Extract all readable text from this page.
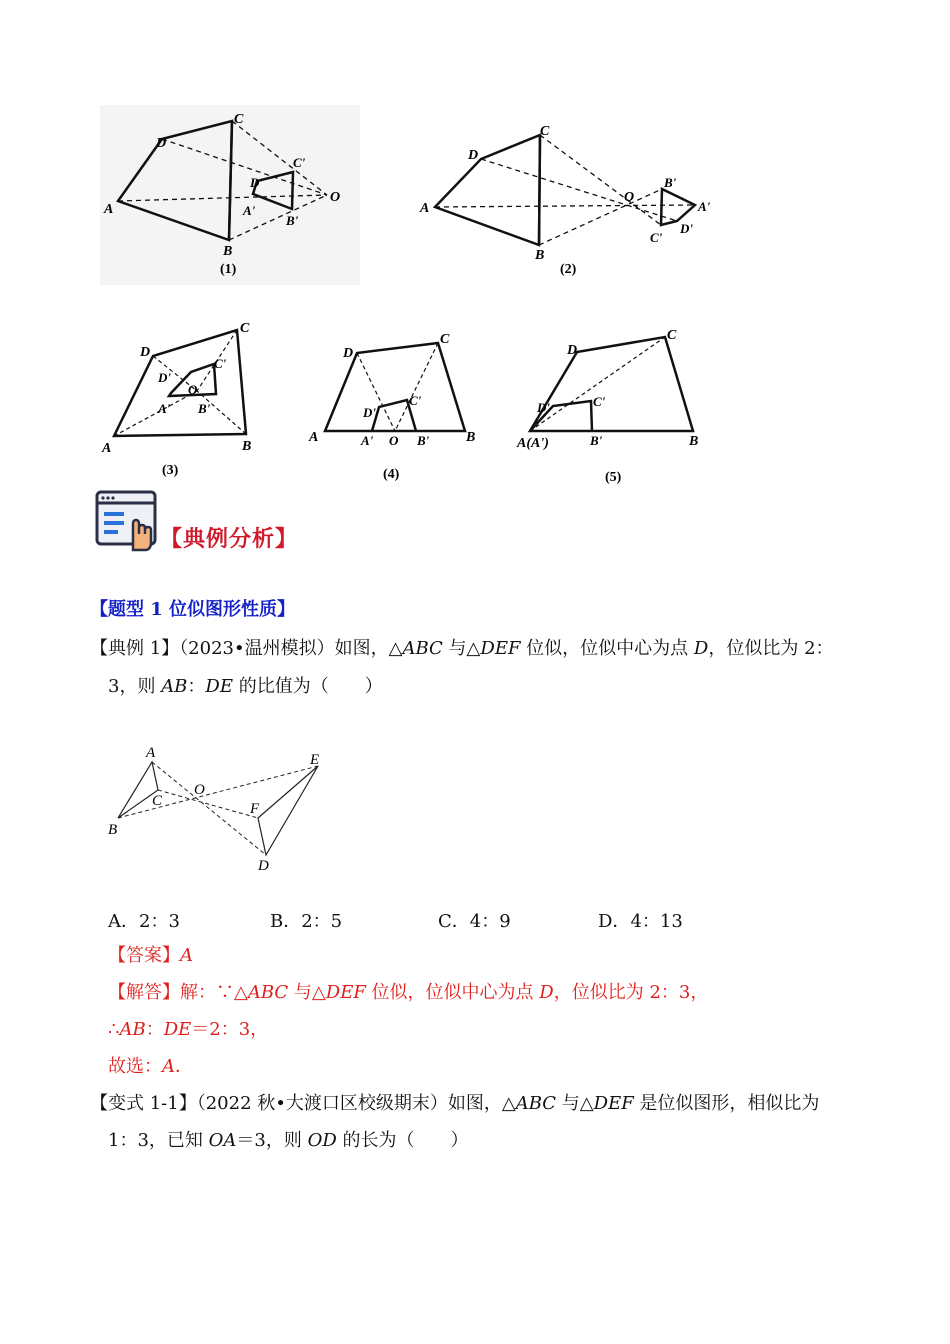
A
B
C
D
O
A'
B'
C'
D'
(1)
A
B
C
D
O
A'
B'
C'
D'
(2)
A	B
C
D
O
A' B'
C'
D'
(3)
A	B
C
D
O
A'	B'
C'
D'
(4)
A(A')	B
C
D
B'
C'
D'
(5)
【典例分析】
【题型 1 位似图形性质】
【典例 1】（2023•温州模拟）如图，△ABC 与△DEF 位似，位似中心为点 D，位似比为 2：
3，则 AB：DE 的比值为（　　）
A
B
C
O
E
F
D
A．2：3	B．2：5	C．4：9	D．4：13
【答案】A
【解答】解：∵△ABC 与△DEF 位似，位似中心为点 D，位似比为 2：3，
∴AB：DE＝2：3，
故选：A．
【变式 1-1】（2022 秋•大渡口区校级期末）如图，△ABC 与△DEF 是位似图形，相似比为
1：3，已知 OA＝3，则 OD 的长为（　　）
